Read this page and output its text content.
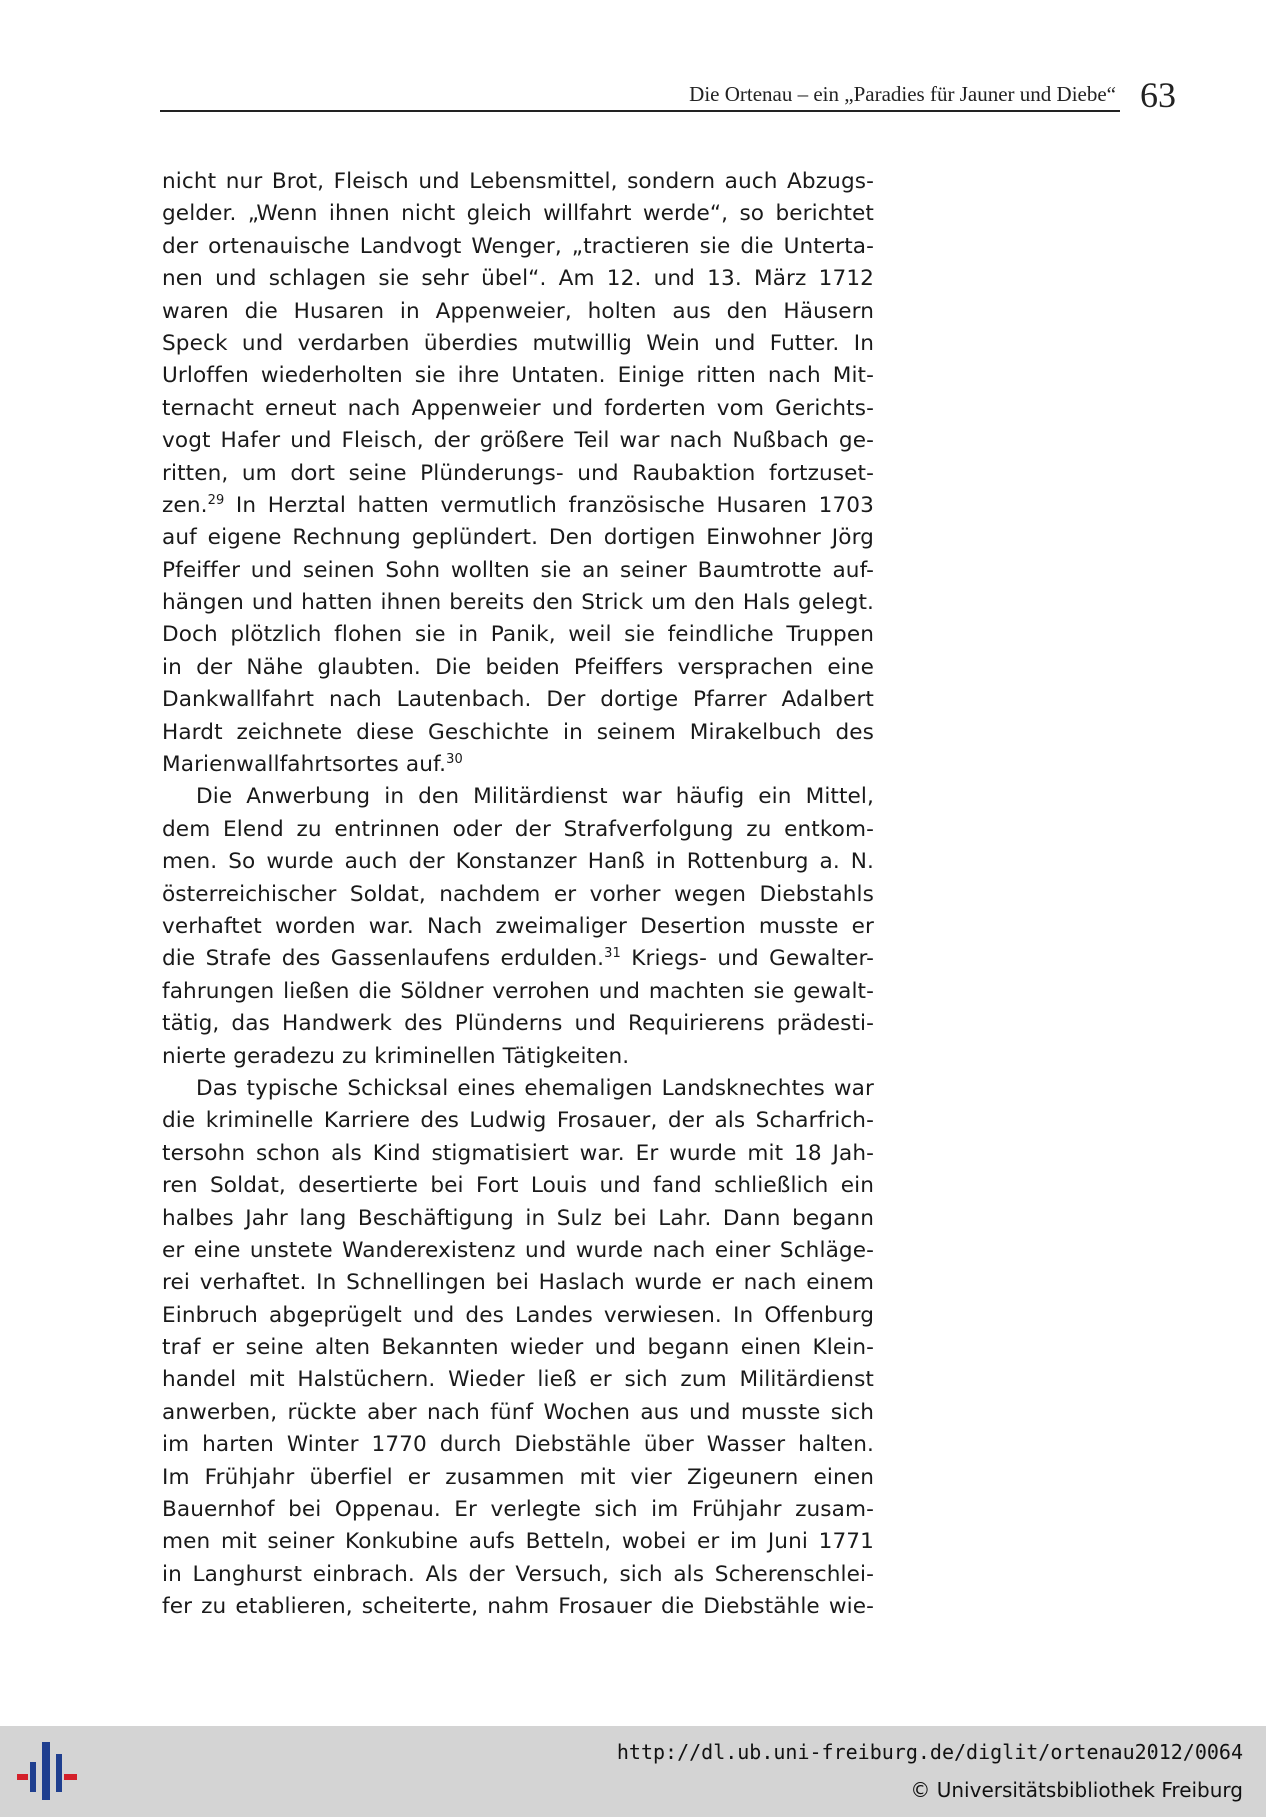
Die Ortenau – ein „Paradies für Jauner und Diebe“ 63
nicht nur Brot, Fleisch und Lebensmittel, sondern auch Abzugs-
gelder. „Wenn ihnen nicht gleich willfahrt werde“, so berichtet
der ortenauische Landvogt Wenger, „tractieren sie die Unterta-
nen und schlagen sie sehr übel“. Am 12. und 13. März 1712
waren die Husaren in Appenweier, holten aus den Häusern
Speck und verdarben überdies mutwillig Wein und Futter. In
Urloffen wiederholten sie ihre Untaten. Einige ritten nach Mit-
ternacht erneut nach Appenweier und forderten vom Gerichts-
vogt Hafer und Fleisch, der größere Teil war nach Nußbach ge-
ritten, um dort seine Plünderungs- und Raubaktion fortzuset-
zen.$^{29}$ In Herztal hatten vermutlich französische Husaren 1703
auf eigene Rechnung geplündert. Den dortigen Einwohner Jörg
Pfeiffer und seinen Sohn wollten sie an seiner Baumtrotte auf-
hängen und hatten ihnen bereits den Strick um den Hals gelegt.
Doch plötzlich flohen sie in Panik, weil sie feindliche Truppen
in der Nähe glaubten. Die beiden Pfeiffers versprachen eine
Dankwallfahrt nach Lautenbach. Der dortige Pfarrer Adalbert
Hardt zeichnete diese Geschichte in seinem Mirakelbuch des
Marienwallfahrtsortes auf.$^{30}$
Die Anwerbung in den Militärdienst war häufig ein Mittel,
dem Elend zu entrinnen oder der Strafverfolgung zu entkom-
men. So wurde auch der Konstanzer Hanß in Rottenburg a. N.
österreichischer Soldat, nachdem er vorher wegen Diebstahls
verhaftet worden war. Nach zweimaliger Desertion musste er
die Strafe des Gassenlaufens erdulden.$^{31}$ Kriegs- und Gewalter-
fahrungen ließen die Söldner verrohen und machten sie gewalt-
tätig, das Handwerk des Plünderns und Requirierens prädesti-
nierte geradezu zu kriminellen Tätigkeiten.
Das typische Schicksal eines ehemaligen Landsknechtes war
die kriminelle Karriere des Ludwig Frosauer, der als Scharfrich-
tersohn schon als Kind stigmatisiert war. Er wurde mit 18 Jah-
ren Soldat, desertierte bei Fort Louis und fand schließlich ein
halbes Jahr lang Beschäftigung in Sulz bei Lahr. Dann begann
er eine unstete Wanderexistenz und wurde nach einer Schläge-
rei verhaftet. In Schnellingen bei Haslach wurde er nach einem
Einbruch abgeprügelt und des Landes verwiesen. In Offenburg
traf er seine alten Bekannten wieder und begann einen Klein-
handel mit Halstüchern. Wieder ließ er sich zum Militärdienst
anwerben, rückte aber nach fünf Wochen aus und musste sich
im harten Winter 1770 durch Diebstähle über Wasser halten.
Im Frühjahr überfiel er zusammen mit vier Zigeunern einen
Bauernhof bei Oppenau. Er verlegte sich im Frühjahr zusam-
men mit seiner Konkubine aufs Betteln, wobei er im Juni 1771
in Langhurst einbrach. Als der Versuch, sich als Scherenschlei-
fer zu etablieren, scheiterte, nahm Frosauer die Diebstähle wie-
http://dl.ub.uni-freiburg.de/diglit/ortenau2012/0064
© Universitätsbibliothek Freiburg
